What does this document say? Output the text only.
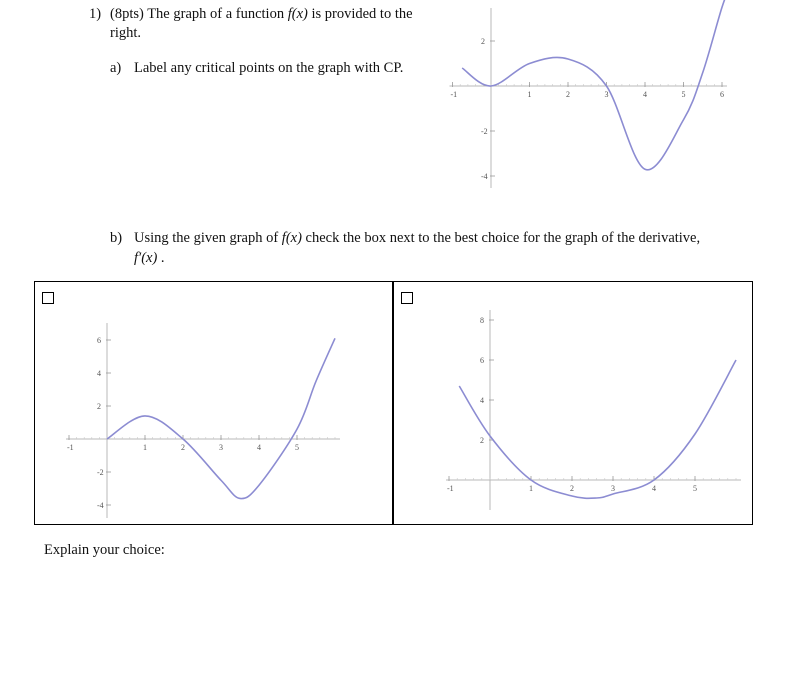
1) (8pts) The graph of a function f(x) is provided to the
right.
a) Label any critical points on the graph with CP.
-1	1	2	3	4	5	6
2
-2
-4
b) Using the given graph of f(x) check the box next to the best choice for the graph of the derivative,
f′(x) .
-1	1	2	3	4	5
6
4
2
-2
-4
-1	1	2	3	4	5
8
6
4
2
Explain your choice:
